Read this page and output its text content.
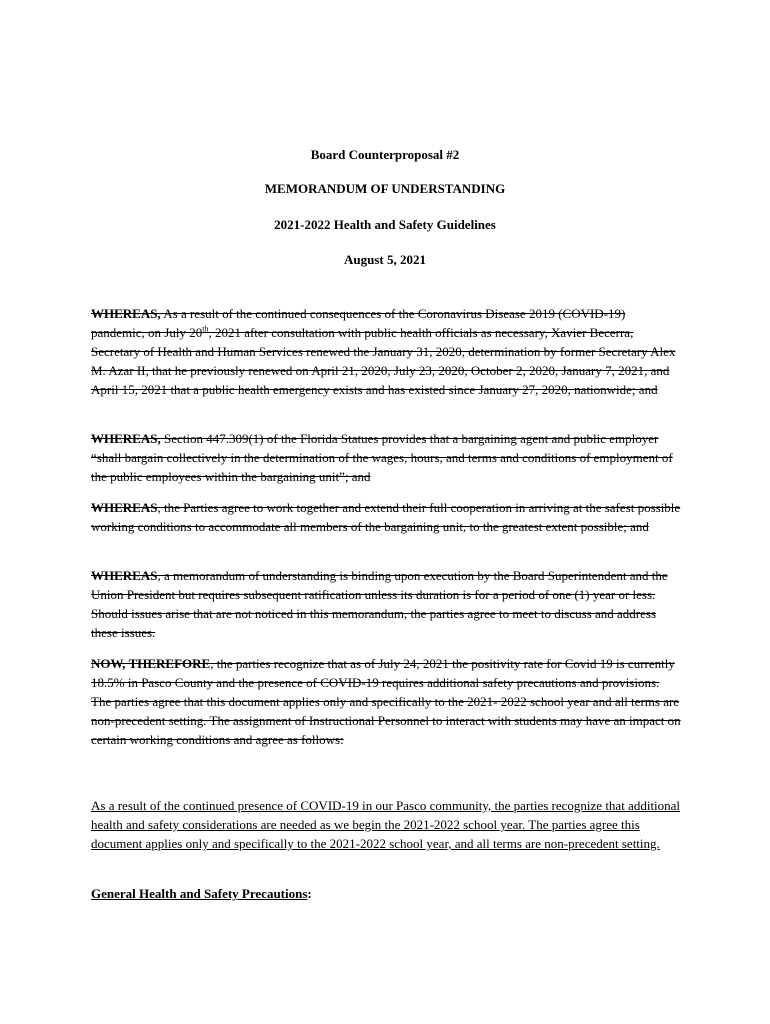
Board Counterproposal #2
MEMORANDUM OF UNDERSTANDING
2021-2022 Health and Safety Guidelines
August 5, 2021

WHEREAS, As a result of the continued consequences of the Coronavirus Disease 2019 (COVID-19) pandemic, on July 20th, 2021 after consultation with public health officials as necessary, Xavier Becerra, Secretary of Health and Human Services renewed the January 31, 2020, determination by former Secretary Alex M. Azar II, that he previously renewed on April 21, 2020, July 23, 2020, October 2, 2020, January 7, 2021, and April 15, 2021 that a public health emergency exists and has existed since January 27, 2020, nationwide; and

WHEREAS, Section 447.309(1) of the Florida Statues provides that a bargaining agent and public employer “shall bargain collectively in the determination of the wages, hours, and terms and conditions of employment of the public employees within the bargaining unit”; and

WHEREAS, the Parties agree to work together and extend their full cooperation in arriving at the safest possible working conditions to accommodate all members of the bargaining unit, to the greatest extent possible; and

WHEREAS, a memorandum of understanding is binding upon execution by the Board Superintendent and the Union President but requires subsequent ratification unless its duration is for a period of one (1) year or less. Should issues arise that are not noticed in this memorandum, the parties agree to meet to discuss and address these issues.

NOW, THEREFORE, the parties recognize that as of July 24, 2021 the positivity rate for Covid 19 is currently 18.5% in Pasco County and the presence of COVID-19 requires additional safety precautions and provisions. The parties agree that this document applies only and specifically to the 2021- 2022 school year and all terms are non-precedent setting. The assignment of Instructional Personnel to interact with students may have an impact on certain working conditions and agree as follows:

As a result of the continued presence of COVID-19 in our Pasco community, the parties recognize that additional health and safety considerations are needed as we begin the 2021-2022 school year. The parties agree this document applies only and specifically to the 2021-2022 school year, and all terms are non-precedent setting.

General Health and Safety Precautions:
